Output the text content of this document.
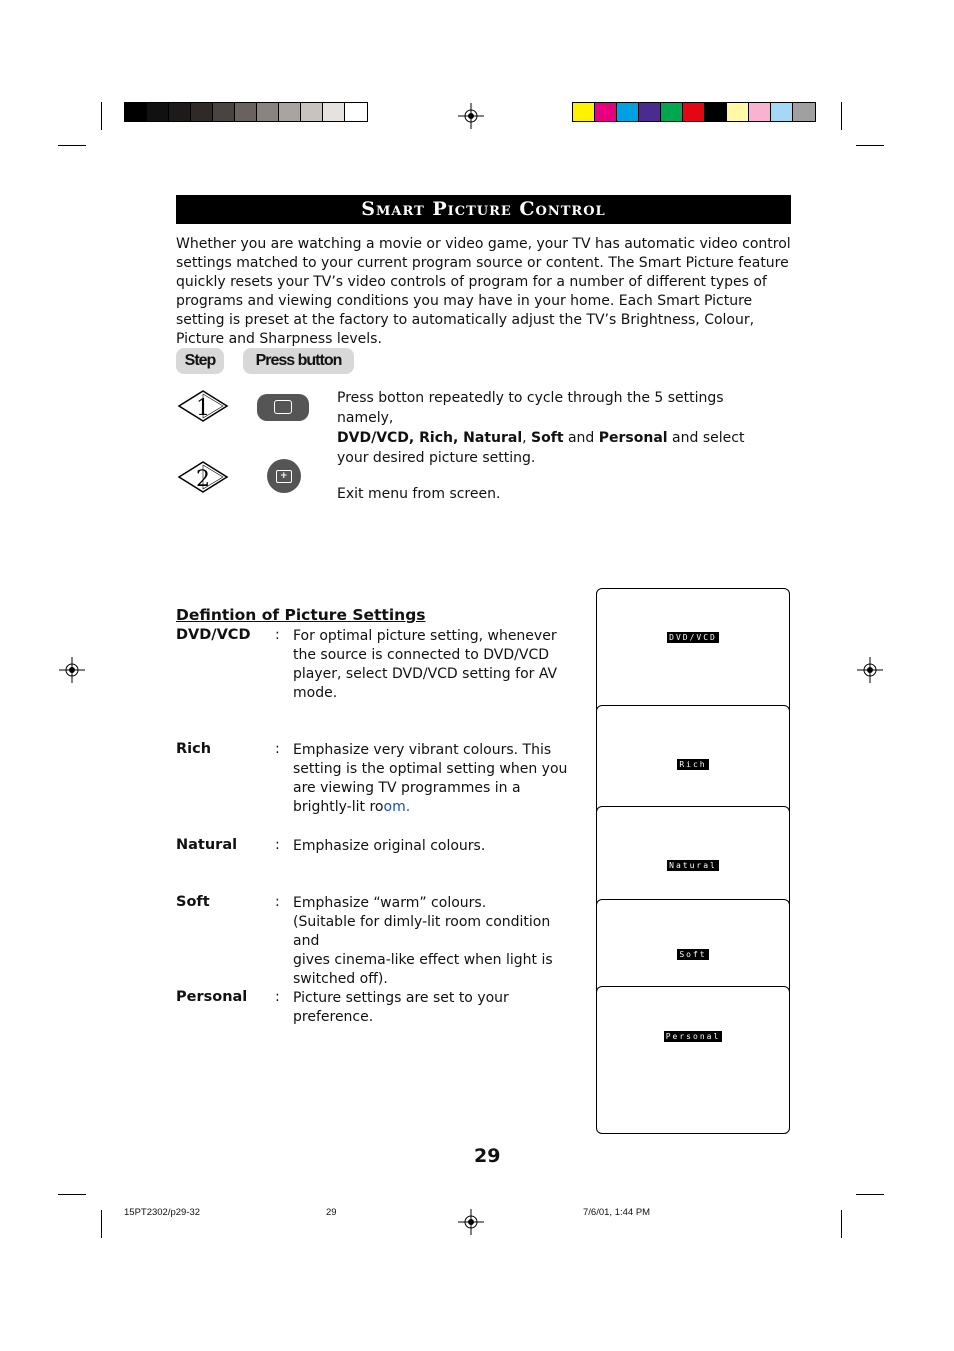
Smart Picture Control
Whether you are watching a movie or video game, your TV has automatic video control settings matched to your current program source or content. The Smart Picture feature quickly resets your TV’s video controls of program for a number of different types of programs and viewing conditions you may have in your home. Each Smart Picture setting is preset at the factory to automatically adjust the TV’s Brightness, Colour, Picture and Sharpness levels.
Step	Press button
1	Press botton repeatedly to cycle through the 5 settings namely,
DVD/VCD, Rich, Natural, Soft and Personal and select
your desired picture setting.
2	+
Exit menu from screen.
Defintion of Picture Settings
DVD/VCD : For optimal picture setting, whenever
the source is connected to DVD/VCD
player, select DVD/VCD setting for AV
mode.
Rich	: Emphasize very vibrant colours. This
setting is the optimal setting when you
are viewing TV programmes in a
brightly-lit room.
Natural	: Emphasize original colours.
Soft	: Emphasize “warm” colours.
(Suitable for dimly-lit room condition and
gives cinema-like effect when light is
switched off).
Personal : Picture settings are set to your preference.
DVD/VCD
Rich
Natural
Soft
Personal
29
15PT2302/p29-32	29	7/6/01, 1:44 PM
